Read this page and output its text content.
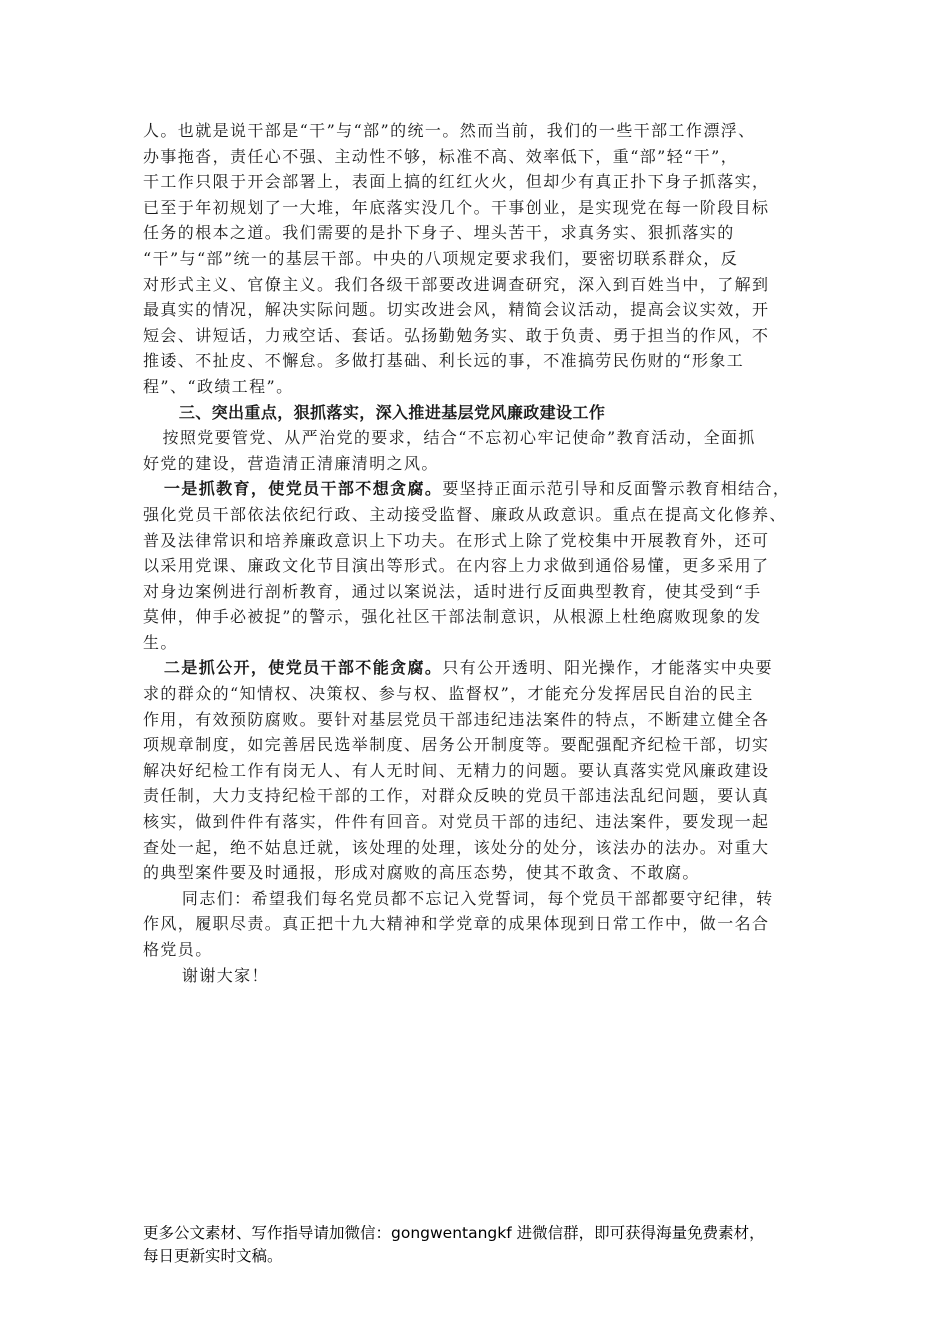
人。也就是说干部是“干”与“部”的统一。然而当前，我们的一些干部工作漂浮、
办事拖沓，责任心不强、主动性不够，标准不高、效率低下，重“部”轻“干”，
干工作只限于开会部署上，表面上搞的红红火火，但却少有真正扑下身子抓落实，
已至于年初规划了一大堆，年底落实没几个。干事创业，是实现党在每一阶段目标
任务的根本之道。我们需要的是扑下身子、埋头苦干，求真务实、狠抓落实的
“干”与“部”统一的基层干部。中央的八项规定要求我们，要密切联系群众，反
对形式主义、官僚主义。我们各级干部要改进调查研究，深入到百姓当中，了解到
最真实的情况，解决实际问题。切实改进会风，精简会议活动，提高会议实效，开
短会、讲短话，力戒空话、套话。弘扬勤勉务实、敢于负责、勇于担当的作风，不
推诿、不扯皮、不懈怠。多做打基础、利长远的事，不准搞劳民伤财的“形象工
程”、“政绩工程”。
三、突出重点，狠抓落实，深入推进基层党风廉政建设工作
按照党要管党、从严治党的要求，结合“不忘初心牢记使命”教育活动，全面抓
好党的建设，营造清正清廉清明之风。
一是抓教育，使党员干部不想贪腐。要坚持正面示范引导和反面警示教育相结合，
强化党员干部依法依纪行政、主动接受监督、廉政从政意识。重点在提高文化修养、
普及法律常识和培养廉政意识上下功夫。在形式上除了党校集中开展教育外，还可
以采用党课、廉政文化节目演出等形式。在内容上力求做到通俗易懂，更多采用了
对身边案例进行剖析教育，通过以案说法，适时进行反面典型教育，使其受到“手
莫伸，伸手必被捉”的警示，强化社区干部法制意识，从根源上杜绝腐败现象的发
生。
二是抓公开，使党员干部不能贪腐。只有公开透明、阳光操作，才能落实中央要
求的群众的“知情权、决策权、参与权、监督权”，才能充分发挥居民自治的民主
作用，有效预防腐败。要针对基层党员干部违纪违法案件的特点，不断建立健全各
项规章制度，如完善居民选举制度、居务公开制度等。要配强配齐纪检干部，切实
解决好纪检工作有岗无人、有人无时间、无精力的问题。要认真落实党风廉政建设
责任制，大力支持纪检干部的工作，对群众反映的党员干部违法乱纪问题，要认真
核实，做到件件有落实，件件有回音。对党员干部的违纪、违法案件，要发现一起
查处一起，绝不姑息迁就，该处理的处理，该处分的处分，该法办的法办。对重大
的典型案件要及时通报，形成对腐败的高压态势，使其不敢贪、不敢腐。
同志们：希望我们每名党员都不忘记入党誓词，每个党员干部都要守纪律，转
作风，履职尽责。真正把十九大精神和学党章的成果体现到日常工作中，做一名合
格党员。
谢谢大家！
更多公文素材、写作指导请加微信：gongwentangkf 进微信群，即可获得海量免费素材，
每日更新实时文稿。
